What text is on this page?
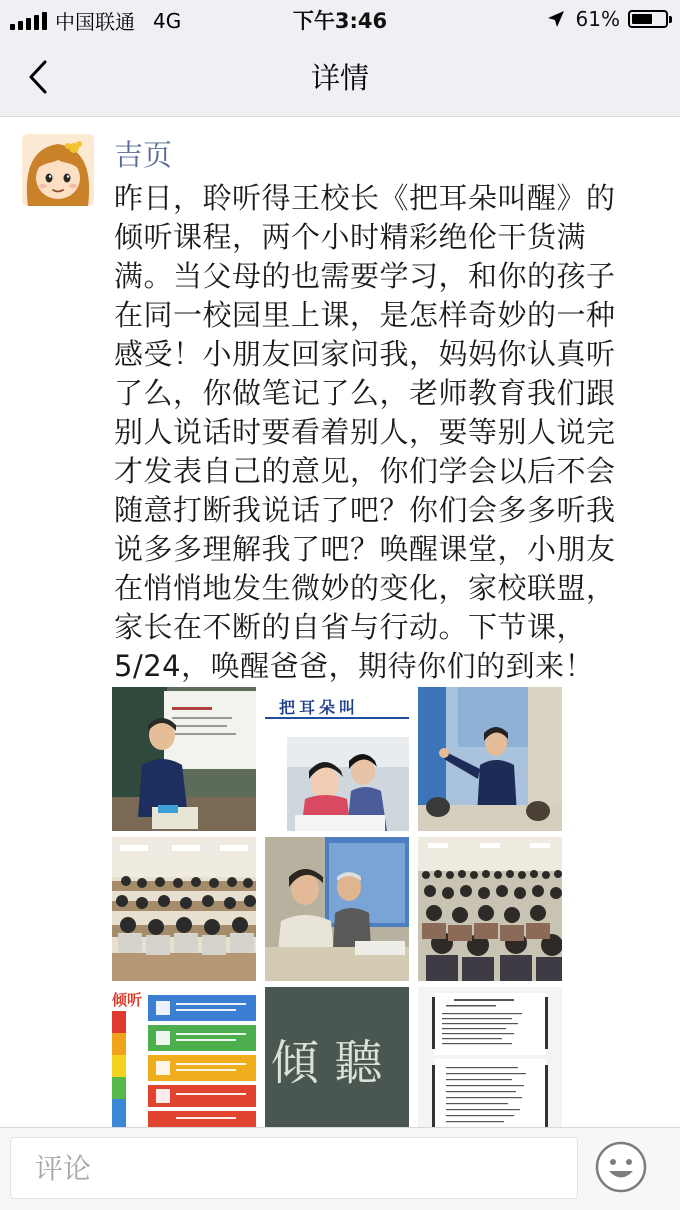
中国联通 4G	下午3:46	61%
详情
吉页
昨日，聆听得王校长《把耳朵叫醒》的
倾听课程，两个小时精彩绝伦干货满
满。当父母的也需要学习，和你的孩子
在同一校园里上课，是怎样奇妙的一种
感受！小朋友回家问我，妈妈你认真听
了么，你做笔记了么，老师教育我们跟
别人说话时要看着别人，要等别人说完
才发表自己的意见，你们学会以后不会
随意打断我说话了吧？你们会多多听我
说多多理解我了吧？唤醒课堂，小朋友
在悄悄地发生微妙的变化，家校联盟，
家长在不断的自省与行动。下节课，
5/24，唤醒爸爸，期待你们的到来！
把耳朵叫
倾听
傾 聽
评论
